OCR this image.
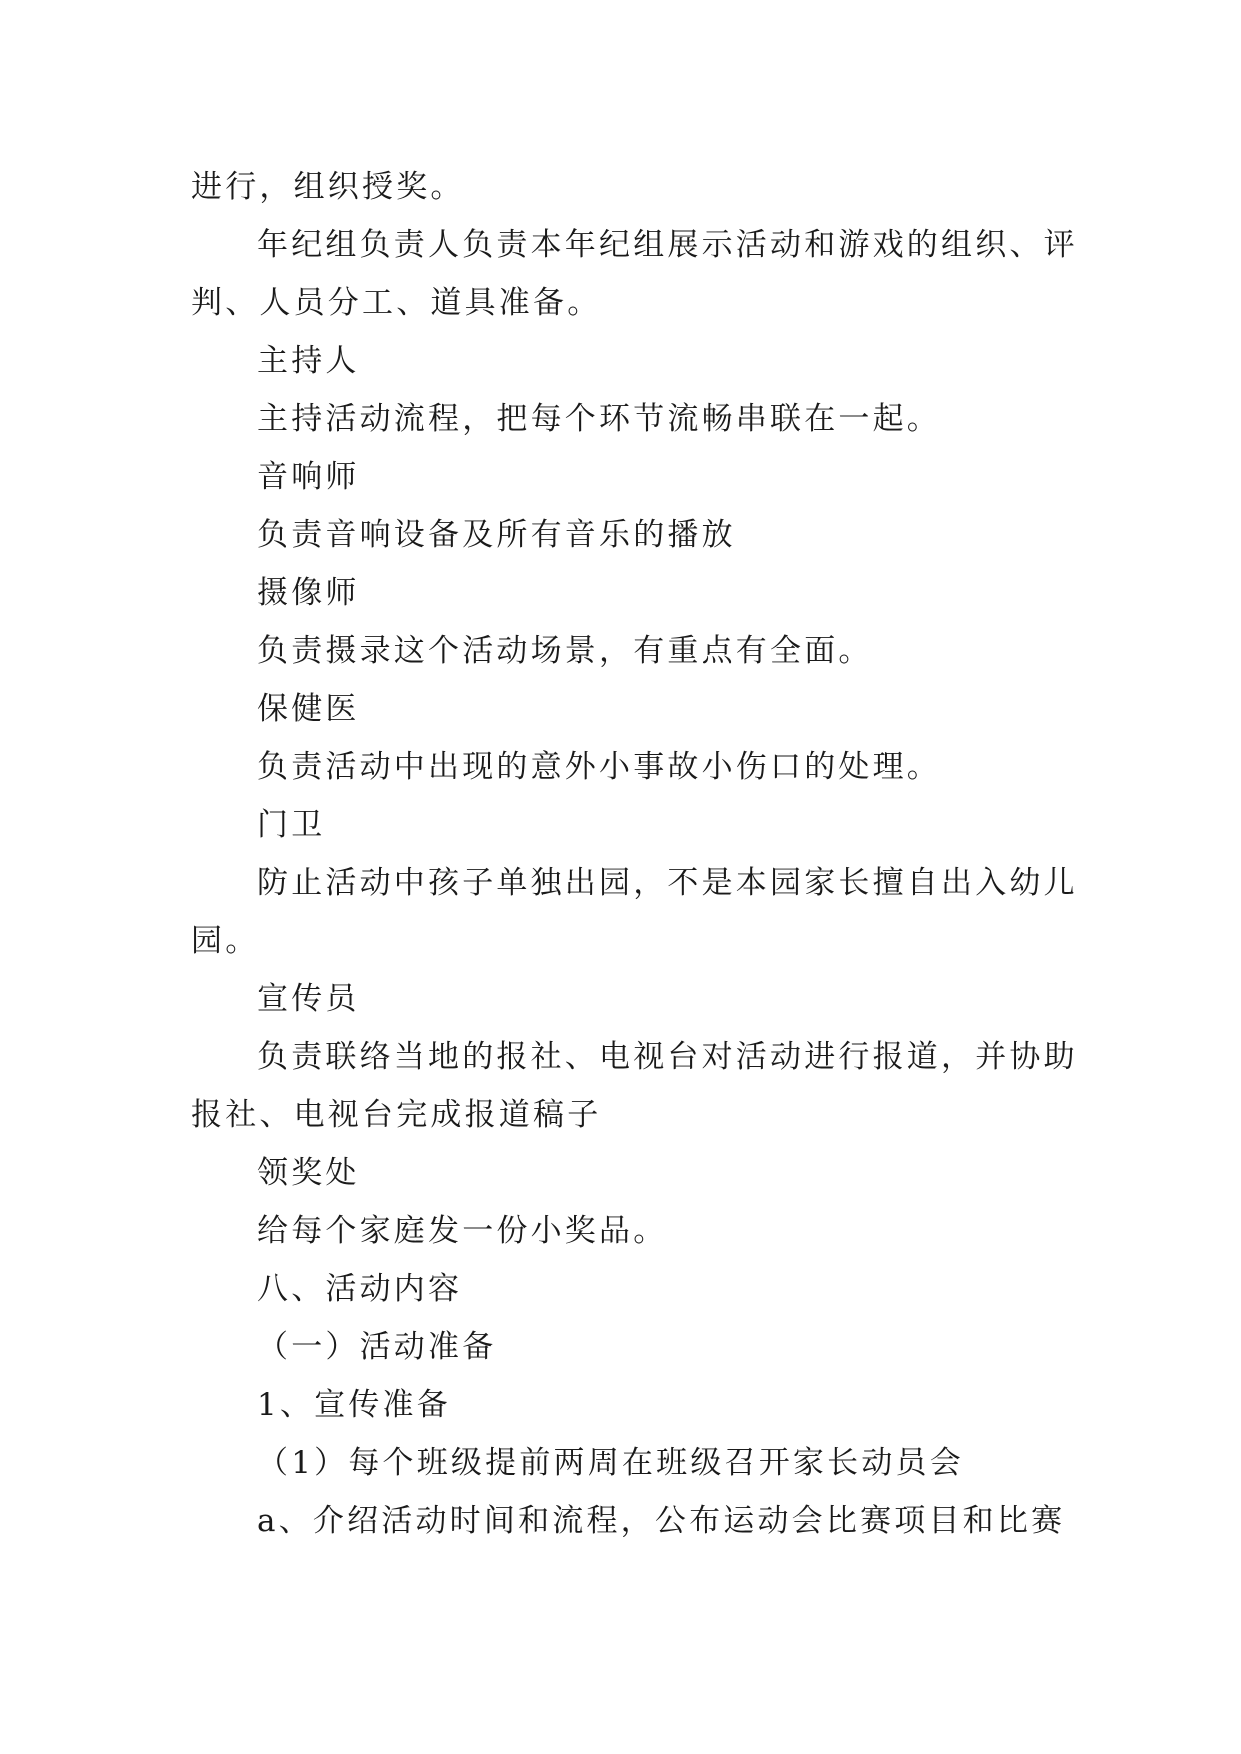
进行，组织授奖。
年纪组负责人负责本年纪组展示活动和游戏的组织、评
判、人员分工、道具准备。
主持人
主持活动流程，把每个环节流畅串联在一起。
音响师
负责音响设备及所有音乐的播放
摄像师
负责摄录这个活动场景，有重点有全面。
保健医
负责活动中出现的意外小事故小伤口的处理。
门卫
防止活动中孩子单独出园，不是本园家长擅自出入幼儿
园。
宣传员
负责联络当地的报社、电视台对活动进行报道，并协助
报社、电视台完成报道稿子
领奖处
给每个家庭发一份小奖品。
八、活动内容
（一）活动准备
1、宣传准备
（1）每个班级提前两周在班级召开家长动员会
a、介绍活动时间和流程，公布运动会比赛项目和比赛
